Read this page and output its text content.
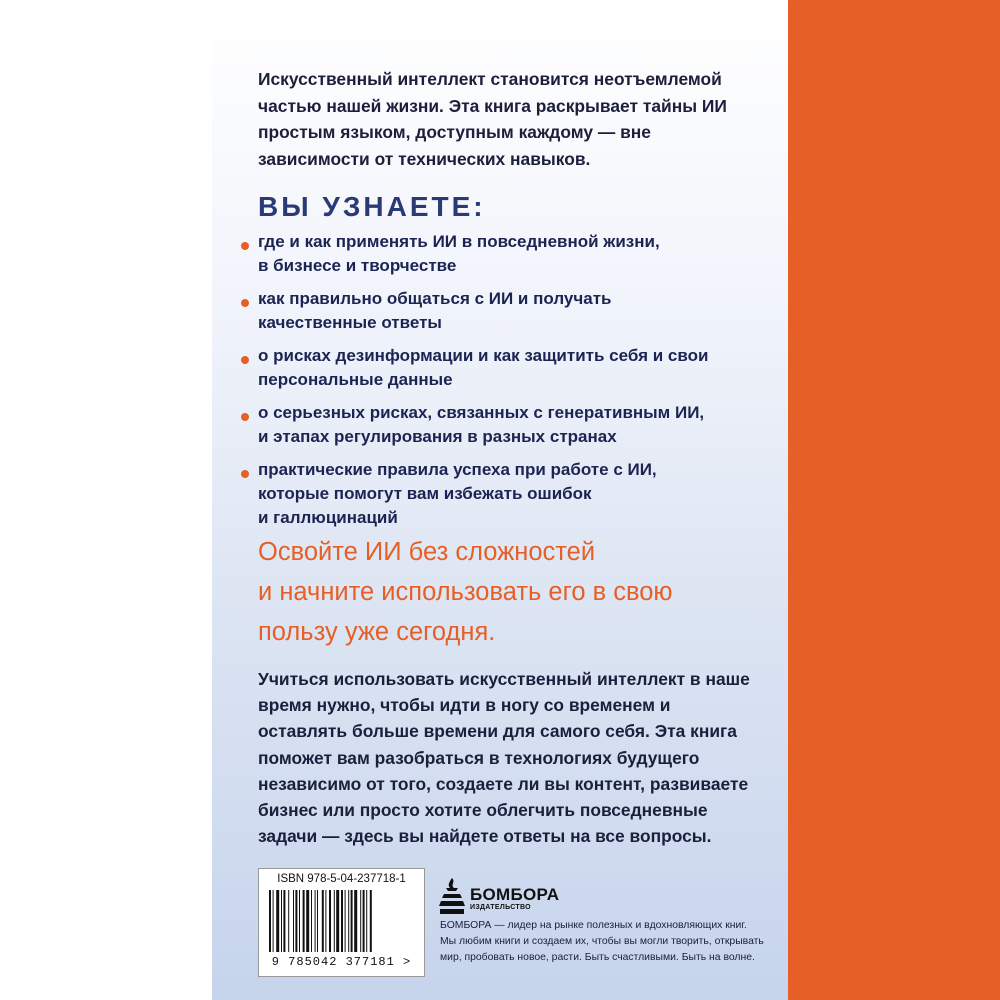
Искусственный интеллект становится неотъемлемой
частью нашей жизни. Эта книга раскрывает тайны ИИ
простым языком, доступным каждому — вне
зависимости от технических навыков.
ВЫ УЗНАЕТЕ:
где и как применять ИИ в повседневной жизни,
в бизнесе и творчестве
как правильно общаться с ИИ и получать
качественные ответы
о рисках дезинформации и как защитить себя и свои
персональные данные
о серьезных рисках, связанных с генеративным ИИ,
и этапах регулирования в разных странах
практические правила успеха при работе с ИИ,
которые помогут вам избежать ошибок
и галлюцинаций
Освойте ИИ без сложностей
и начните использовать его в свою
пользу уже сегодня.
Учиться использовать искусственный интеллект в наше
время нужно, чтобы идти в ногу со временем и
оставлять больше времени для самого себя. Эта книга
поможет вам разобраться в технологиях будущего
независимо от того, создаете ли вы контент, развиваете
бизнес или просто хотите облегчить повседневные
задачи — здесь вы найдете ответы на все вопросы.
ISBN 978-5-04-237718-1
9 785042 377181 >
БОМБОРА
ИЗДАТЕЛЬСТВО
БОМБОРА — лидер на рынке полезных и вдохновляющих книг.
Мы любим книги и создаем их, чтобы вы могли творить, открывать
мир, пробовать новое, расти. Быть счастливыми. Быть на волне.
